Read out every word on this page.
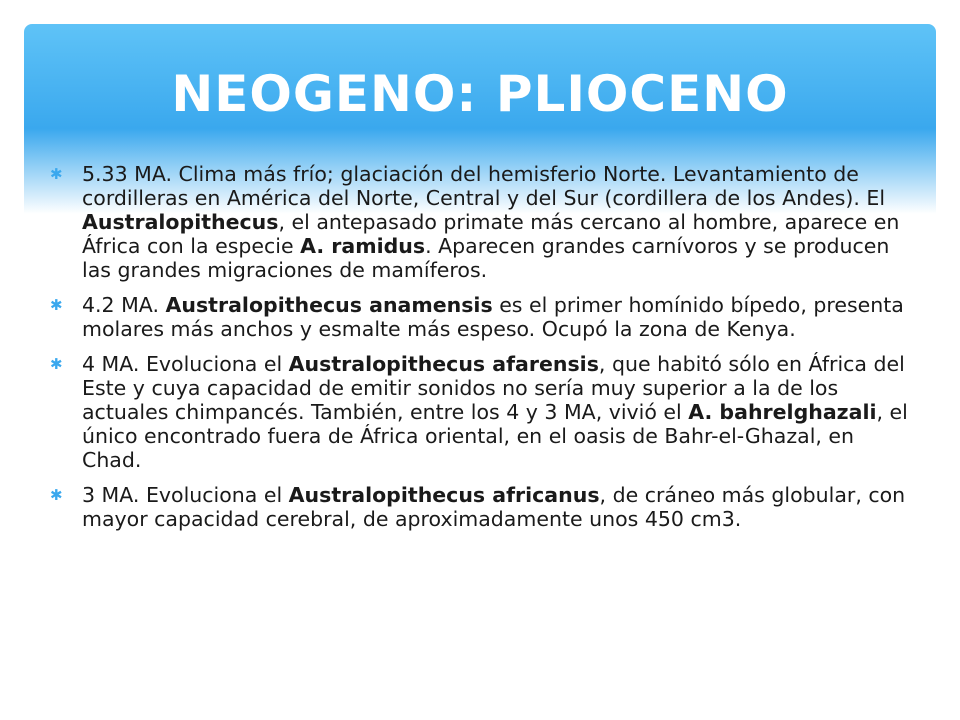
NEOGENO: PLIOCENO
✱ 5.33 MA. Clima más frío; glaciación del hemisferio Norte. Levantamiento de cordilleras en América del Norte, Central y del Sur (cordillera de los Andes). El Australopithecus, el antepasado primate más cercano al hombre, aparece en África con la especie A. ramidus. Aparecen grandes carnívoros y se producen las grandes migraciones de mamíferos.
✱ 4.2 MA. Australopithecus anamensis es el primer homínido bípedo, presenta molares más anchos y esmalte más espeso. Ocupó la zona de Kenya.
✱ 4 MA. Evoluciona el Australopithecus afarensis, que habitó sólo en África del Este y cuya capacidad de emitir sonidos no sería muy superior a la de los actuales chimpancés. También, entre los 4 y 3 MA, vivió el A. bahrelghazali, el único encontrado fuera de África oriental, en el oasis de Bahr-el-Ghazal, en Chad.
✱ 3 MA. Evoluciona el Australopithecus africanus, de cráneo más globular, con mayor capacidad cerebral, de aproximadamente unos 450 cm3.
